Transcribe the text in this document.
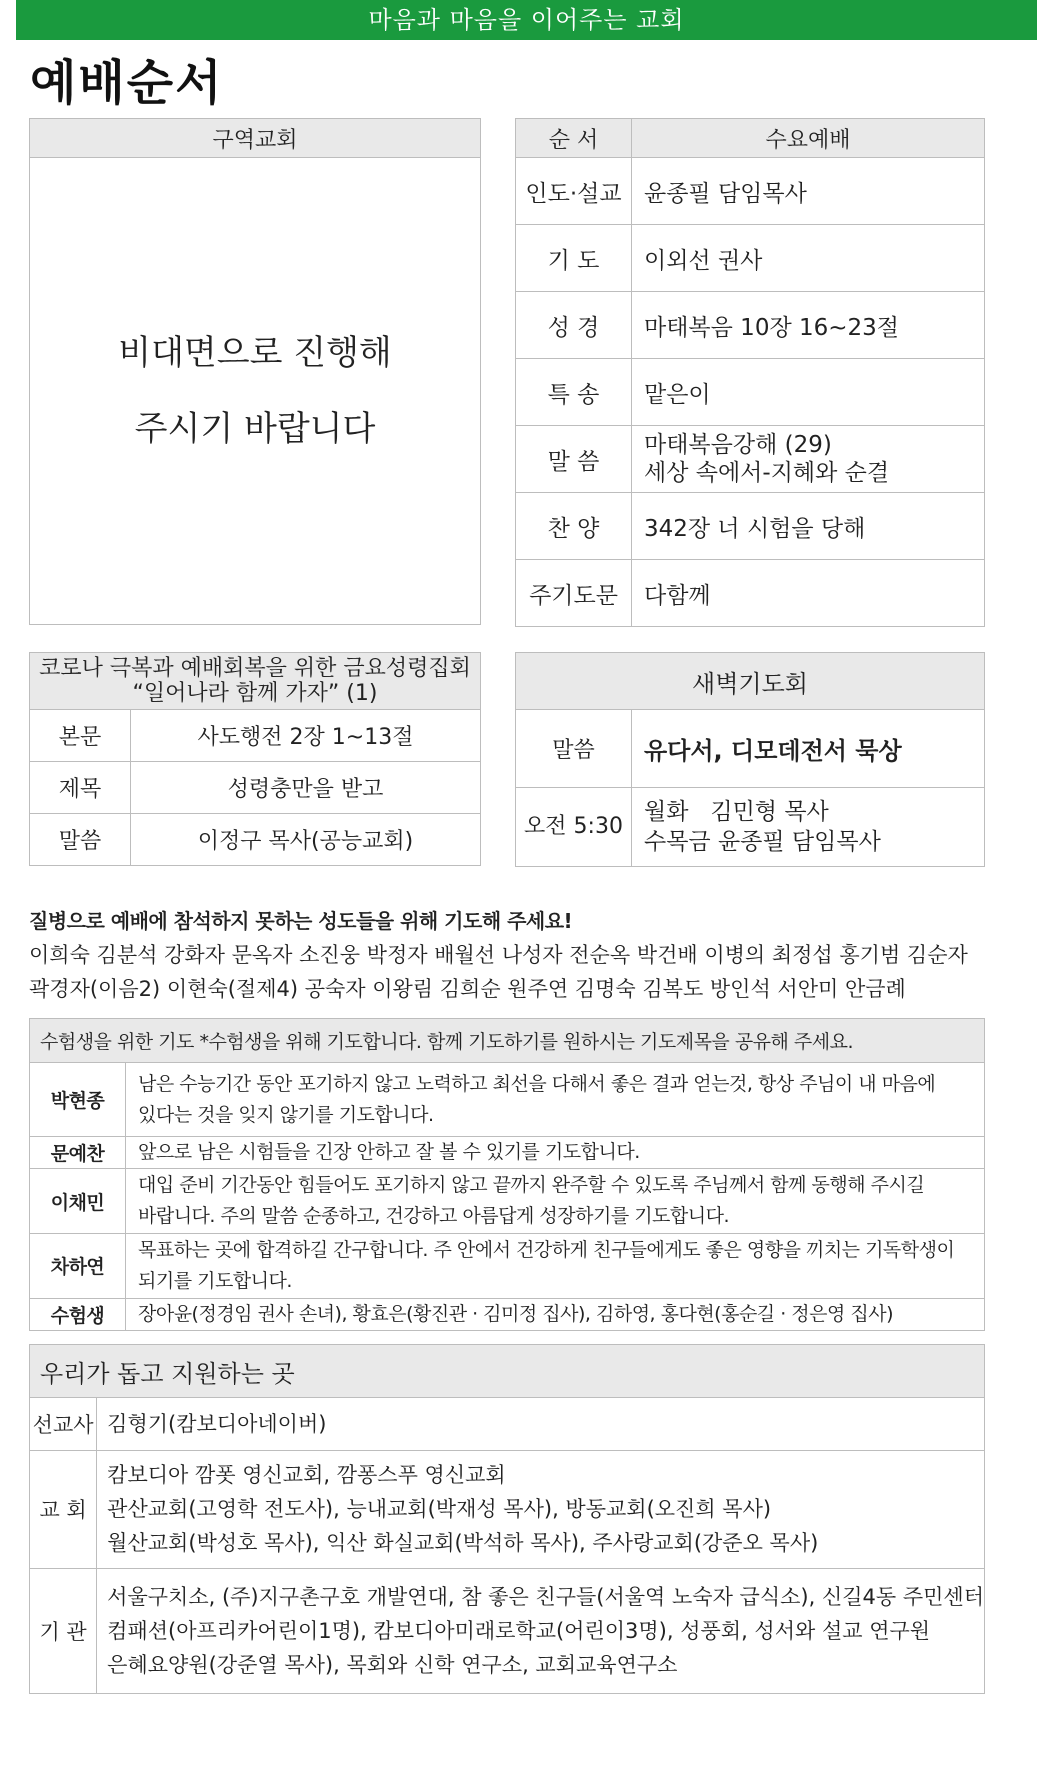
마음과 마음을 이어주는 교회
예배순서
구역교회

비대면으로 진행해
주시기 바랍니다
순 서	수요예배
인도·설교	윤종필 담임목사
기 도	이외선 권사
성 경	마태복음 10장 16~23절
특 송	맡은이
말 씀	마태복음강해 (29)
세상 속에서-지혜와 순결

찬 양	342장 너 시험을 당해
주기도문	다함께
코로나 극복과 예배회복을 위한 금요성령집회
“일어나라 함께 가자” (1)	

본문	사도행전 2장 1~13절
제목	성령충만을 받고
말씀	이정구 목사(공능교회)
새벽기도회	
말씀	유다서, 디모데전서 묵상
오전 5:30	월화   김민형 목사
수목금 윤종필 담임목사
질병으로 예배에 참석하지 못하는 성도들을 위해 기도해 주세요!
이희숙 김분석 강화자 문옥자 소진웅 박정자 배월선 나성자 전순옥 박건배 이병의 최정섭 홍기범 김순자
곽경자(이음2) 이현숙(절제4) 공숙자 이왕림 김희순 원주연 김명숙 김복도 방인석 서안미 안금례
수험생을 위한 기도 *수험생을 위해 기도합니다. 함께 기도하기를 원하시는 기도제목을 공유해 주세요.	
박현종	남은 수능기간 동안 포기하지 않고 노력하고 최선을 다해서 좋은 결과 얻는것, 항상 주님이 내 마음에
있다는 것을 잊지 않기를 기도합니다.

문예찬	앞으로 남은 시험들을 긴장 안하고 잘 볼 수 있기를 기도합니다.

이채민	대입 준비 기간동안 힘들어도 포기하지 않고 끝까지 완주할 수 있도록 주님께서 함께 동행해 주시길
바랍니다. 주의 말씀 순종하고, 건강하고 아름답게 성장하기를 기도합니다.

차하연	목표하는 곳에 합격하길 간구합니다. 주 안에서 건강하게 친구들에게도 좋은 영향을 끼치는 기독학생이
되기를 기도합니다.

수험생	장아윤(정경임 권사 손녀), 황효은(황진관 · 김미정 집사), 김하영, 홍다현(홍순길 · 정은영 집사)
우리가 돕고 지원하는 곳	
선교사	김형기(캄보디아네이버)
교 회	캄보디아 깜폿 영신교회, 깜퐁스푸 영신교회
관산교회(고영학 전도사), 능내교회(박재성 목사), 방동교회(오진희 목사)
월산교회(박성호 목사), 익산 화실교회(박석하 목사), 주사랑교회(강준오 목사)

기 관	서울구치소, (주)지구촌구호 개발연대, 참 좋은 친구들(서울역 노숙자 급식소), 신길4동 주민센터
컴패션(아프리카어린이1명), 캄보디아미래로학교(어린이3명), 성풍회, 성서와 설교 연구원
은혜요양원(강준열 목사), 목회와 신학 연구소, 교회교육연구소
